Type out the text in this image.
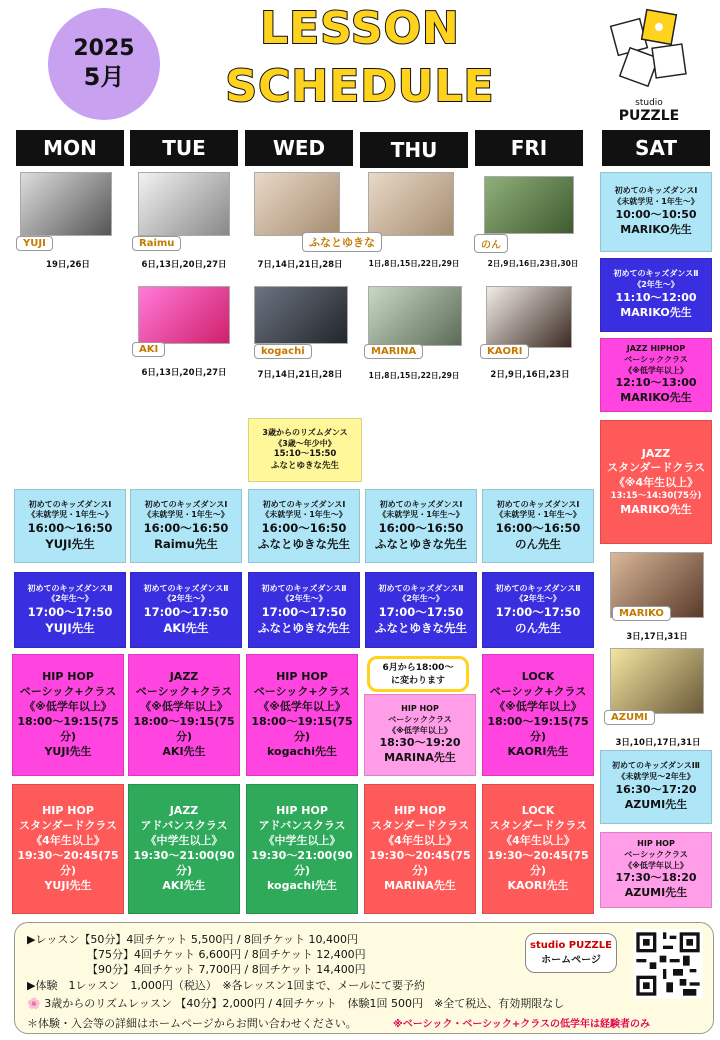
2025
5月
LESSON
SCHEDULE	studio
PUZZLE
MON	TUE	WED	THU	FRI	SAT
YUJI
19日,26日
Raimu
6日,13日,20日,27日
ふなとゆきな
7日,14日,21日,28日	1日,8日,15日,22日,29日
のん
2日,9日,16日,23日,30日
AKI
6日,13日,20日,27日
kogachi
7日,14日,21日,28日
MARINA
1日,8日,15日,22日,29日
KAORI
2日,9日,16日,23日
3歳からのリズムダンス
《3歳～年少中》
15:10～15:50
ふなとゆきな先生
初めてのキッズダンスⅠ
《未就学児・1年生～》
16:00～16:50
YUJI先生
初めてのキッズダンスⅠ
《未就学児・1年生～》
16:00～16:50
Raimu先生
初めてのキッズダンスⅠ
《未就学児・1年生～》
16:00～16:50
ふなとゆきな先生
初めてのキッズダンスⅠ
《未就学児・1年生～》
16:00～16:50
ふなとゆきな先生
初めてのキッズダンスⅠ
《未就学児・1年生～》
16:00～16:50
のん先生
初めてのキッズダンスⅡ
《2年生～》
17:00～17:50
YUJI先生
初めてのキッズダンスⅡ
《2年生～》
17:00～17:50
AKI先生
初めてのキッズダンスⅡ
《2年生～》
17:00～17:50
ふなとゆきな先生
初めてのキッズダンスⅡ
《2年生～》
17:00～17:50
ふなとゆきな先生
初めてのキッズダンスⅡ
《2年生～》
17:00～17:50
のん先生
HIP HOP
ベーシック+クラス
《※低学年以上》
18:00～19:15(75分)
YUJI先生
JAZZ
ベーシック+クラス
《※低学年以上》
18:00～19:15(75分)
AKI先生
HIP HOP
ベーシック+クラス
《※低学年以上》
18:00～19:15(75分)
kogachi先生
HIP HOP
ベーシッククラス
《※低学年以上》
18:30～19:20
MARINA先生
6月から18:00～
に変わります	LOCK
ベーシック+クラス
《※低学年以上》
18:00～19:15(75分)
KAORI先生
HIP HOP
スタンダードクラス
《4年生以上》
19:30～20:45(75分)
YUJI先生
JAZZ
アドバンスクラス
《中学生以上》
19:30～21:00(90分)
AKI先生
HIP HOP
アドバンスクラス
《中学生以上》
19:30～21:00(90分)
kogachi先生
HIP HOP
スタンダードクラス
《4年生以上》
19:30～20:45(75分)
MARINA先生
LOCK
スタンダードクラス
《4年生以上》
19:30～20:45(75分)
KAORI先生
初めてのキッズダンスⅠ
《未就学児・1年生～》
10:00～10:50
MARIKO先生
初めてのキッズダンスⅡ
《2年生～》
11:10～12:00
MARIKO先生
JAZZ HIPHOP
ベーシッククラス
《※低学年以上》
12:10～13:00
MARIKO先生
JAZZ
スタンダードクラス
《※4年生以上》
13:15～14:30(75分)
MARIKO先生
MARIKO
3日,17日,31日
AZUMI
3日,10日,17日,31日
初めてのキッズダンスⅠⅡ
《未就学児～2年生》
16:30～17:20
AZUMI先生
HIP HOP
ベーシッククラス
《※低学年以上》
17:30～18:20
AZUMI先生
▶レッスン【50分】4回チケット 5,500円 / 8回チケット 10,400円
【75分】4回チケット 6,600円 / 8回チケット 12,400円
【90分】4回チケット 7,700円 / 8回チケット 14,400円
▶体験　1レッスン　1,000円（税込）　※各レッスン1回まで、メールにて要予約
🌸 3歳からのリズムレッスン 【40分】2,000円 / 4回チケット　体験1回 500円　※全て税込、有効期限なし
＊体験・入会等の詳細はホームページからお問い合わせください。	※ベーシック・ベーシック+クラスの低学年は経験者のみ
studio PUZZLE
ホームページ
